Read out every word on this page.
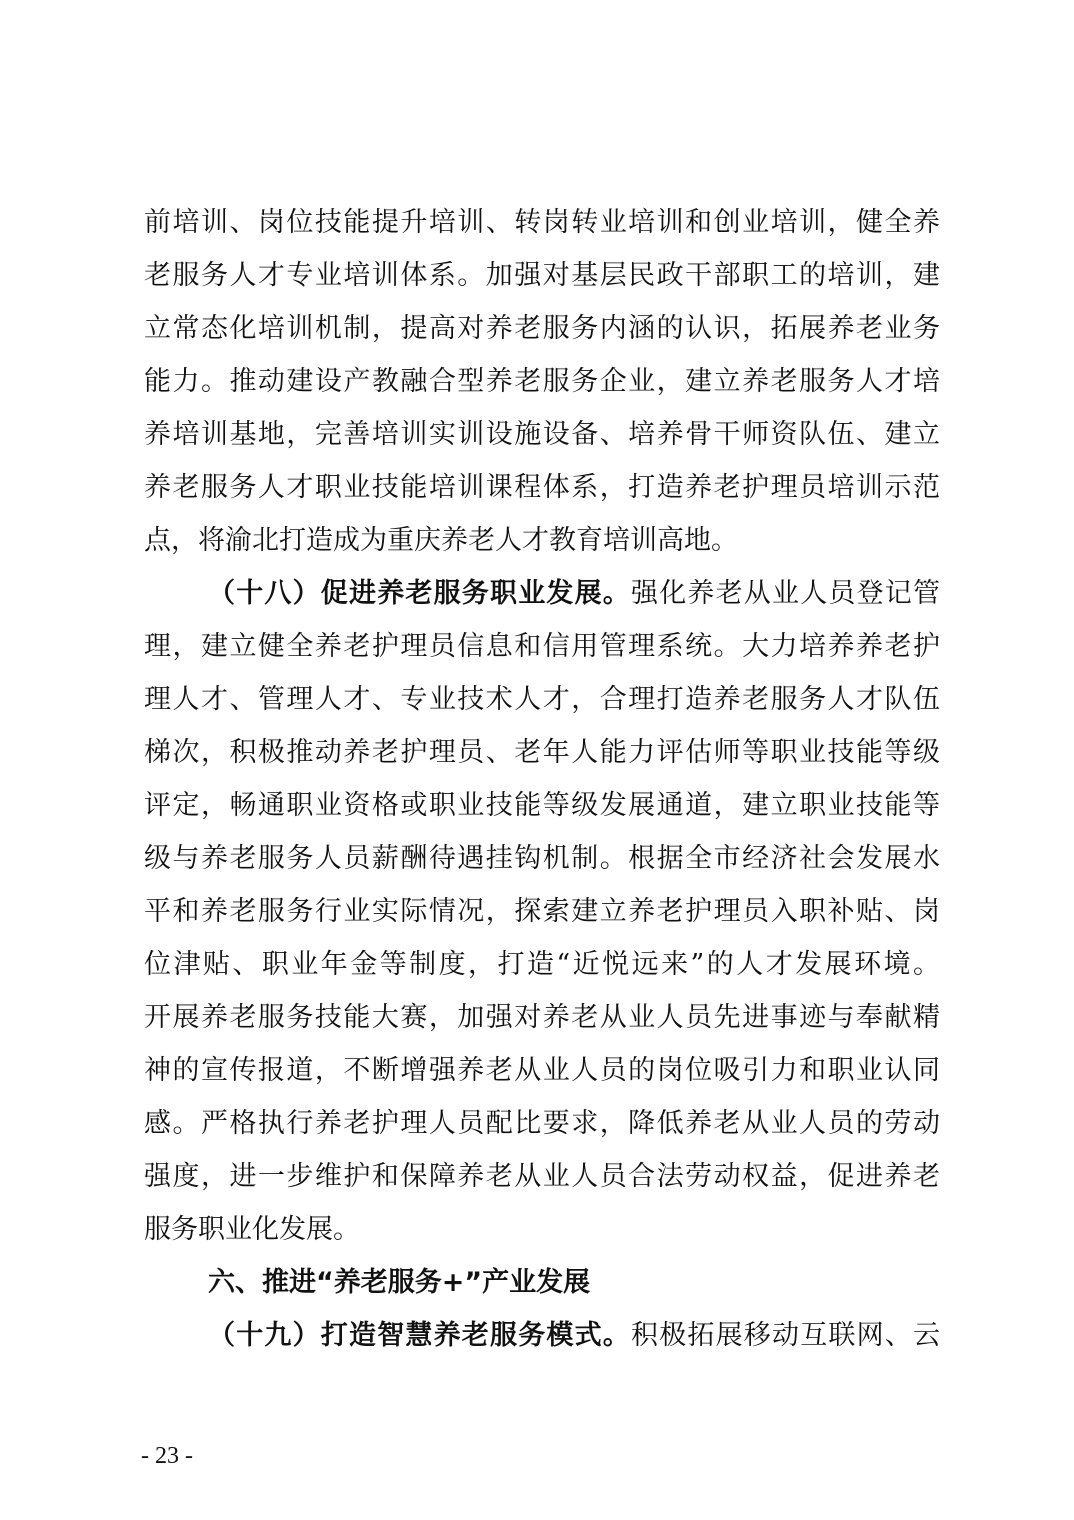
前培训、岗位技能提升培训、转岗转业培训和创业培训，健全养
老服务人才专业培训体系。加强对基层民政干部职工的培训，建
立常态化培训机制，提高对养老服务内涵的认识，拓展养老业务
能力。推动建设产教融合型养老服务企业，建立养老服务人才培
养培训基地，完善培训实训设施设备、培养骨干师资队伍、建立
养老服务人才职业技能培训课程体系，打造养老护理员培训示范
点，将渝北打造成为重庆养老人才教育培训高地。
（十八）促进养老服务职业发展。强化养老从业人员登记管
理，建立健全养老护理员信息和信用管理系统。大力培养养老护
理人才、管理人才、专业技术人才，合理打造养老服务人才队伍
梯次，积极推动养老护理员、老年人能力评估师等职业技能等级
评定，畅通职业资格或职业技能等级发展通道，建立职业技能等
级与养老服务人员薪酬待遇挂钩机制。根据全市经济社会发展水
平和养老服务行业实际情况，探索建立养老护理员入职补贴、岗
位津贴、职业年金等制度，打造“近悦远来”的人才发展环境。
开展养老服务技能大赛，加强对养老从业人员先进事迹与奉献精
神的宣传报道，不断增强养老从业人员的岗位吸引力和职业认同
感。严格执行养老护理人员配比要求，降低养老从业人员的劳动
强度，进一步维护和保障养老从业人员合法劳动权益，促进养老
服务职业化发展。
六、推进“养老服务+”产业发展
（十九）打造智慧养老服务模式。积极拓展移动互联网、云
- 23 -
